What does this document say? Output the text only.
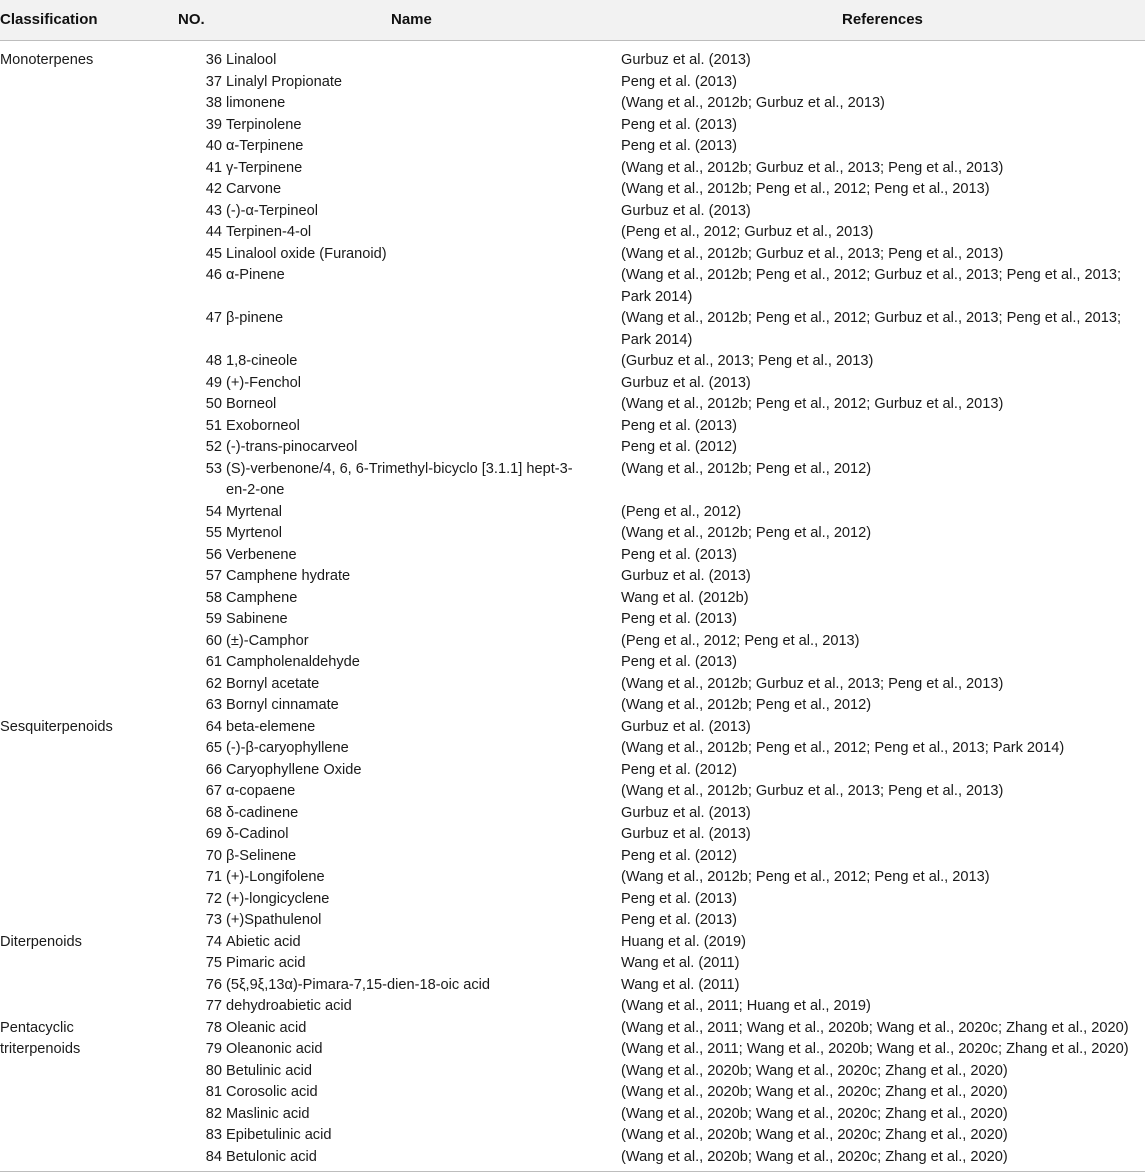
Classification	NO.	Name	References
Monoterpenes	36 Linalool	Gurbuz et al. (2013)
37 Linalyl Propionate	Peng et al. (2013)
38 limonene	(Wang et al., 2012b; Gurbuz et al., 2013)
39 Terpinolene	Peng et al. (2013)
40 α-Terpinene	Peng et al. (2013)
41 γ-Terpinene	(Wang et al., 2012b; Gurbuz et al., 2013; Peng et al., 2013)
42 Carvone	(Wang et al., 2012b; Peng et al., 2012; Peng et al., 2013)
43 (-)-α-Terpineol	Gurbuz et al. (2013)
44 Terpinen-4-ol	(Peng et al., 2012; Gurbuz et al., 2013)
45 Linalool oxide (Furanoid)	(Wang et al., 2012b; Gurbuz et al., 2013; Peng et al., 2013)
46 α-Pinene	(Wang et al., 2012b; Peng et al., 2012; Gurbuz et al., 2013; Peng et al., 2013; Park 2014)
47 β-pinene	(Wang et al., 2012b; Peng et al., 2012; Gurbuz et al., 2013; Peng et al., 2013; Park 2014)
48 1,8-cineole	(Gurbuz et al., 2013; Peng et al., 2013)
49 (+)-Fenchol	Gurbuz et al. (2013)
50 Borneol	(Wang et al., 2012b; Peng et al., 2012; Gurbuz et al., 2013)
51 Exoborneol	Peng et al. (2013)
52 (-)-trans-pinocarveol	Peng et al. (2012)
53 (S)-verbenone/4, 6, 6-Trimethyl-bicyclo [3.1.1] hept-3-en-2-one
(Wang et al., 2012b; Peng et al., 2012)
54 Myrtenal	(Peng et al., 2012)
55 Myrtenol	(Wang et al., 2012b; Peng et al., 2012)
56 Verbenene	Peng et al. (2013)
57 Camphene hydrate	Gurbuz et al. (2013)
58 Camphene	Wang et al. (2012b)
59 Sabinene	Peng et al. (2013)
60 (±)-Camphor	(Peng et al., 2012; Peng et al., 2013)
61 Campholenaldehyde	Peng et al. (2013)
62 Bornyl acetate	(Wang et al., 2012b; Gurbuz et al., 2013; Peng et al., 2013)
63 Bornyl cinnamate	(Wang et al., 2012b; Peng et al., 2012)
Sesquiterpenoids	64 beta-elemene	Gurbuz et al. (2013)
65 (-)-β-caryophyllene	(Wang et al., 2012b; Peng et al., 2012; Peng et al., 2013; Park 2014)
66 Caryophyllene Oxide	Peng et al. (2012)
67 α-copaene	(Wang et al., 2012b; Gurbuz et al., 2013; Peng et al., 2013)
68 δ-cadinene	Gurbuz et al. (2013)
69 δ-Cadinol	Gurbuz et al. (2013)
70 β-Selinene	Peng et al. (2012)
71 (+)-Longifolene	(Wang et al., 2012b; Peng et al., 2012; Peng et al., 2013)
72 (+)-longicyclene	Peng et al. (2013)
73 (+)Spathulenol	Peng et al. (2013)
Diterpenoids	74 Abietic acid	Huang et al. (2019)
75 Pimaric acid	Wang et al. (2011)
76 (5ξ,9ξ,13α)-Pimara-7,15-dien-18-oic acid	Wang et al. (2011)
77 dehydroabietic acid	(Wang et al., 2011; Huang et al., 2019)
Pentacyclic	78 Oleanic acid	(Wang et al., 2011; Wang et al., 2020b; Wang et al., 2020c; Zhang et al., 2020)
triterpenoids	79 Oleanonic acid	(Wang et al., 2011; Wang et al., 2020b; Wang et al., 2020c; Zhang et al., 2020)
80 Betulinic acid	(Wang et al., 2020b; Wang et al., 2020c; Zhang et al., 2020)
81 Corosolic acid	(Wang et al., 2020b; Wang et al., 2020c; Zhang et al., 2020)
82 Maslinic acid	(Wang et al., 2020b; Wang et al., 2020c; Zhang et al., 2020)
83 Epibetulinic acid	(Wang et al., 2020b; Wang et al., 2020c; Zhang et al., 2020)
84 Betulonic acid	(Wang et al., 2020b; Wang et al., 2020c; Zhang et al., 2020)
